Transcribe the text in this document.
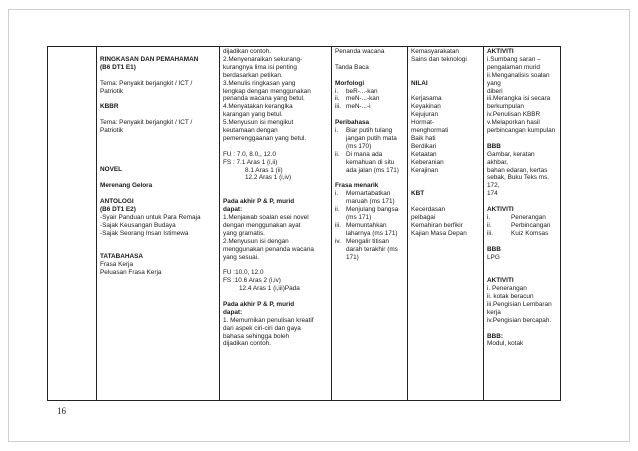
RINGKASAN DAN PEMAHAMAN
(B6 DT1 E1)
Tema: Penyakit berjangkit / ICT /
Patriotik
KBBR
Tema: Penyakit berjangkit / ICT /
Patriotik
NOVEL
Merenang Gelora
ANTOLOGI
(B6 DT1 E2)
-Syair Panduan untuk Para Remaja
-Sajak Keusangan Budaya
-Sajak Seorang Insan Istimewa
TATABAHASA
Frasa Kerja
Peluasan Frasa Kerja

dijadikan contoh.
2.Menyenaraikan sekurang-
kurangnya lima isi penting
berdasarkan petikan.
3.Menulis ringkasan yang
lengkap dengan menggunakan
penanda wacana yang betul.
4.Menyatakan keranglka
karangan yang betul.
5.Menyusun isi mengikut
keutamaan dengan
pemerenggaanan yang betul.
FU : 7.0, 8.0,, 12.0
FS : 7.1 Aras 1 (i,ii)
8.1 Aras 1 (ii)
12.2 Aras 1 (i,iv)
Pada akhir P & P, murid
dapat:
1.Menjawab soalan esei novel
dengan menggunakan ayat
yang gramatis.
2.Menyusun isi dengan
menggunakan penanda wacana
yang sesuai.
FU :10.0, 12.0
FS :10.6 Aras 2 (i,iv)
12.4 Aras 1 (i,iii)Pada
Pada akhir P & P, murid
dapat:
1. Memurnikan penulisan kreatif
dari aspek ciri-ciri dan gaya
bahasa sehingga boleh
dijadikan contoh.

Penanda wacana
Tanda Baca
Morfologi
i.	beR-...-kan
ii. meN-...-kan
iii. meN-...-i
Peribahasa
i.	Biar putih tulang jangan putih mata (ms 170)
ii. Di mana ada kemahuan di situ ada jalan (ms 171)
Frasa menarik
i.	Memartabatkan maruah (ms 171)
ii. Menjulang bangsa (ms 171)
iii. Memuntahkan laharnya (ms 171)
iv. Mengalir titisan darah terakhir (ms 171)

Kemasyarakatan
Sains dan teknologi
NILAI
Kerjasama
Keyakinan
Kejujuran
Hormat-
menghormati
Baik hati
Berdikari
Ketaatan
Keberanian
Kerajinan
KBT
Kecerdasan
pelbagai
Kemahiran berfikir
Kajian Masa Depan

AKTIVITI
i.Sumbang saran –
pengalaman murid
ii.Menganalisis soalan yang
diberi
iii.Merangka isi secara
berkumpulan
iv.Penulisan KBBR
v.Melaporkan hasil
perbincangan kumpulan
BBB
Gambar, keratan akhbar,
bahan edaran, kertas
sebak, Buku Teks ms. 172,
174
AKTIVITI
i.	Penerangan
ii.	Perbincangan
iii.	Kuiz Komsas
BBB
LPG
AKTIVITI
i. Penerangan
ii. kotak beracun
iii.Pengisian Lembaran
kerja
iv.Pengisian bercapah.
BBB:
Modul, kotak
16
